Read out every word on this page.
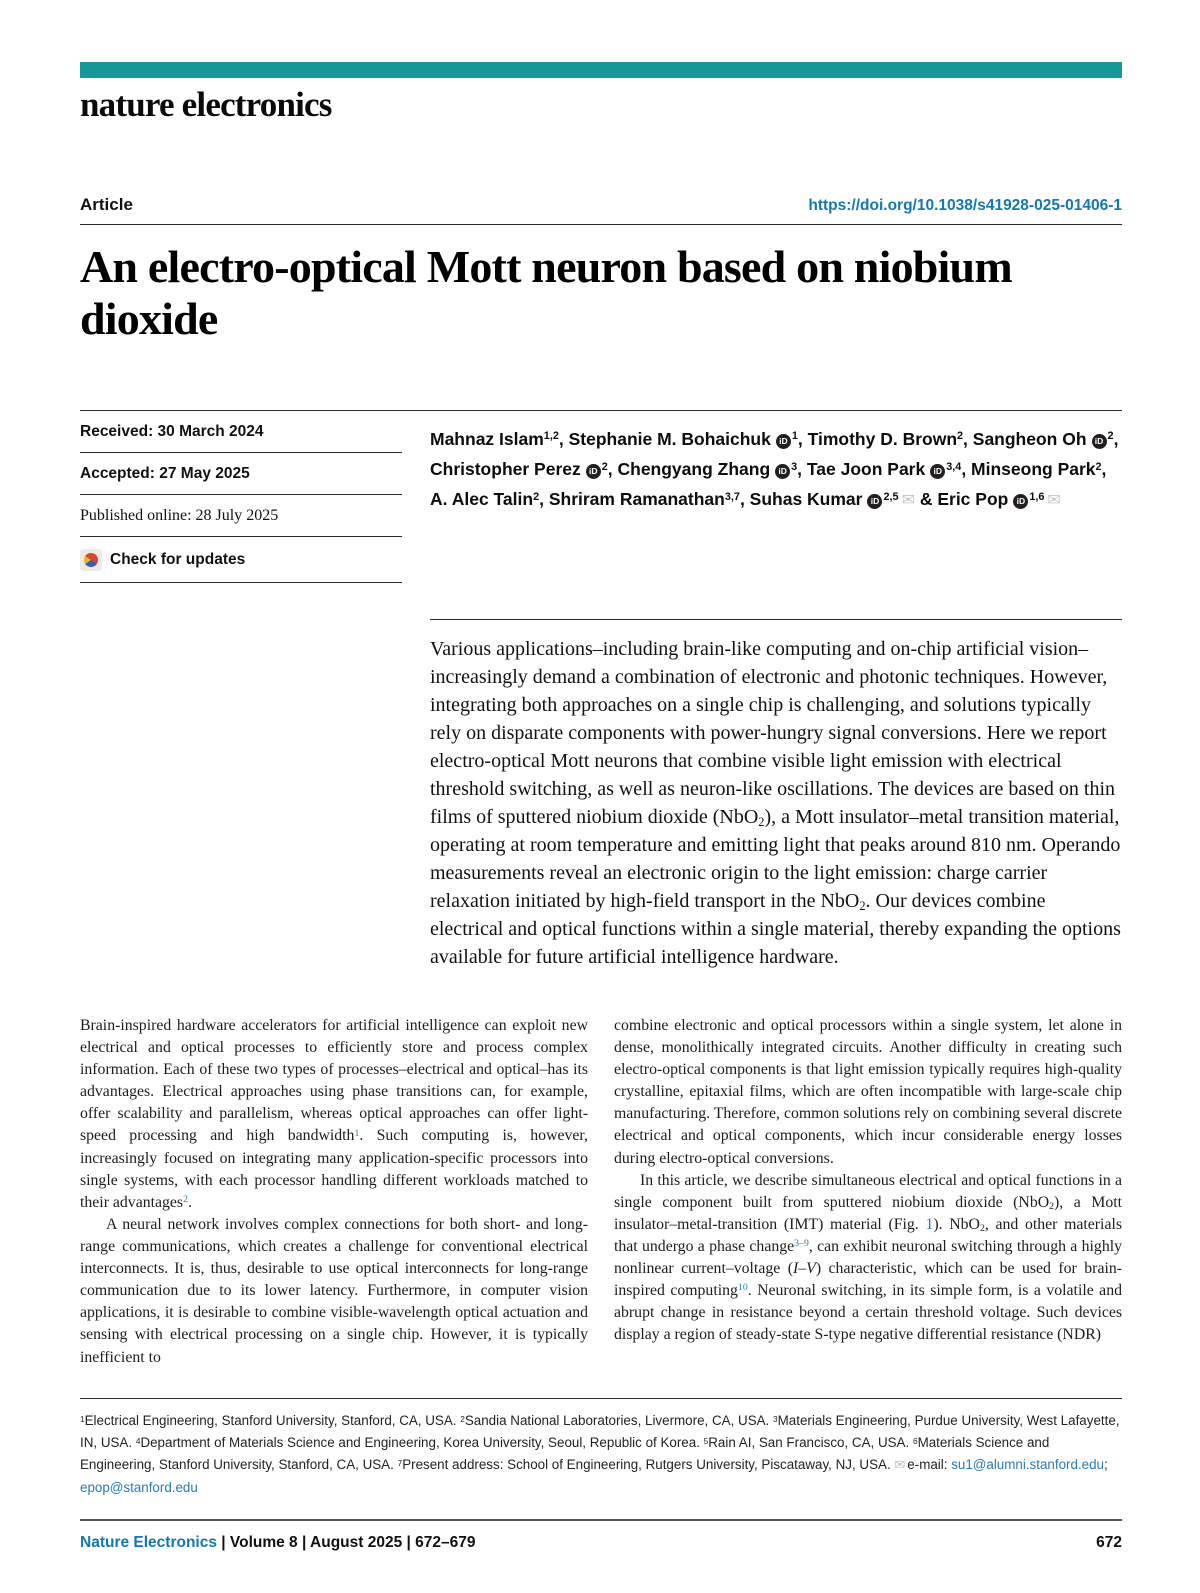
nature electronics
Article	https://doi.org/10.1038/s41928-025-01406-1
An electro-optical Mott neuron based on niobium dioxide
Received: 30 March 2024
Accepted: 27 May 2025
Published online: 28 July 2025
Check for updates
Mahnaz Islam$^{1,2}$, Stephanie M. Bohaichuk iD $^1$, Timothy D. Brown$^2$, Sangheon Oh iD $^2$, Christopher Perez iD $^2$, Chengyang Zhang iD $^3$, Tae Joon Park iD $^{3,4}$, Minseong Park$^2$, A. Alec Talin$^2$, Shriram Ramanathan$^{3,7}$, Suhas Kumar iD $^{2,5}$ ✉ & Eric Pop iD $^{1,6}$ ✉
Various applications–including brain-like computing and on-chip artificial vision–increasingly demand a combination of electronic and photonic techniques. However, integrating both approaches on a single chip is challenging, and solutions typically rely on disparate components with power-hungry signal conversions. Here we report electro-optical Mott neurons that combine visible light emission with electrical threshold switching, as well as neuron-like oscillations. The devices are based on thin films of sputtered niobium dioxide (NbO$_2$), a Mott insulator–metal transition material, operating at room temperature and emitting light that peaks around 810 nm. Operando measurements reveal an electronic origin to the light emission: charge carrier relaxation initiated by high-field transport in the NbO$_2$. Our devices combine electrical and optical functions within a single material, thereby expanding the options available for future artificial intelligence hardware.

Brain-inspired hardware accelerators for artificial intelligence can exploit new electrical and optical processes to efficiently store and process complex information. Each of these two types of processes–electrical and optical–has its advantages. Electrical approaches using phase transitions can, for example, offer scalability and parallelism, whereas optical approaches can offer light-speed processing and high bandwidth$^1$. Such computing is, however, increasingly focused on integrating many application-specific processors into single systems, with each processor handling different workloads matched to their advantages$^2$.

A neural network involves complex connections for both short- and long-range communications, which creates a challenge for conventional electrical interconnects. It is, thus, desirable to use optical interconnects for long-range communication due to its lower latency. Furthermore, in computer vision applications, it is desirable to combine visible-wavelength optical actuation and sensing with electrical processing on a single chip. However, it is typically inefficient to

combine electronic and optical processors within a single system, let alone in dense, monolithically integrated circuits. Another difficulty in creating such electro-optical components is that light emission typically requires high-quality crystalline, epitaxial films, which are often incompatible with large-scale chip manufacturing. Therefore, common solutions rely on combining several discrete electrical and optical components, which incur considerable energy losses during electro-optical conversions.

In this article, we describe simultaneous electrical and optical functions in a single component built from sputtered niobium dioxide (NbO$_2$), a Mott insulator–metal-transition (IMT) material (Fig. 1). NbO$_2$, and other materials that undergo a phase change$^{3-9}$, can exhibit neuronal switching through a highly nonlinear current–voltage (I–V) characteristic, which can be used for brain-inspired computing$^{10}$. Neuronal switching, in its simple form, is a volatile and abrupt change in resistance beyond a certain threshold voltage. Such devices display a region of steady-state S-type negative differential resistance (NDR)

$^1$Electrical Engineering, Stanford University, Stanford, CA, USA. $^2$Sandia National Laboratories, Livermore, CA, USA. $^3$Materials Engineering, Purdue University, West Lafayette, IN, USA. $^4$Department of Materials Science and Engineering, Korea University, Seoul, Republic of Korea. $^5$Rain AI, San Francisco, CA, USA. $^6$Materials Science and Engineering, Stanford University, Stanford, CA, USA. $^7$Present address: School of Engineering, Rutgers University, Piscataway, NJ, USA. ✉ e-mail: su1@alumni.stanford.edu; epop@stanford.edu
Nature Electronics | Volume 8 | August 2025 | 672–679	672
